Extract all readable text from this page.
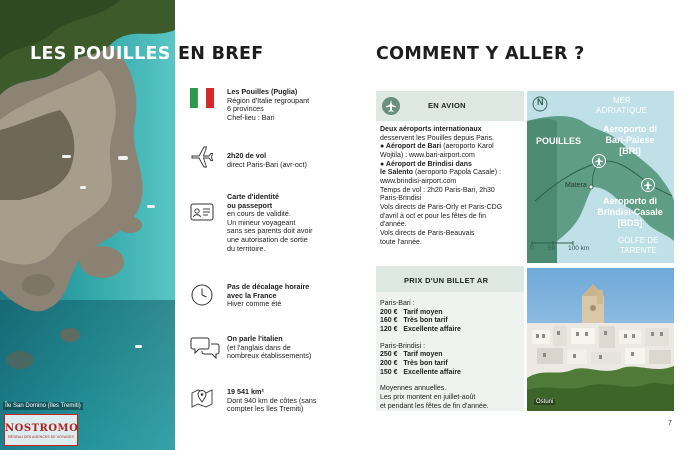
Île San Domino (îles Tremiti)
NOSTROMO
RÉSEAU DES AGENCES DE VOYAGES
LES POUILLES EN BREF	COMMENT Y ALLER ?
Les Pouilles (Puglia)
Région d'Italie regroupant
6 provinces
Chef-lieu : Bari
2h20 de vol
direct Paris-Bari (avr-oct)
Carte d'identité
ou passeport
en cours de validité.
Un mineur voyageant
sans ses parents doit avoir
une autorisation de sortie
du territoire.
Pas de décalage horaire
avec la France
Hiver comme été
On parle l'italien
(et l'anglais dans de
nombreux établissements)
19 541 km²
Dont 940 km de côtes (sans
compter les îles Tremiti)
EN AVION
Deux aéroports internationaux
desservent les Pouilles depuis Paris.
● Aéroport de Bari (aeroporto Karol
Wojtila) : www.bari-airport.com
● Aéroport de Brindisi dans
le Salento (aeroporto Papola Casale) :
www.brindisi-airport.com
Temps de vol : 2h20 Paris-Bari, 2h30
Paris-Brindisi
Vols directs de Paris-Orly et Paris-CDG
d'avril à oct et pour les fêtes de fin
d'année.
Vols directs de Paris-Beauvais
toute l'année.
PRIX D'UN BILLET AR
Paris-Bari :
200 €   Tarif moyen
160 €   Très bon tarif
120 €   Excellente affaire
Paris-Brindisi :
250 €   Tarif moyen
200 €   Très bon tarif
150 €   Excellente affaire
Moyennes annuelles.
Les prix montent en juillet-août
et pendant les fêtes de fin d'année.
N	MER
ADRIATIQUE
POUILLES
Aeroporto di
Bari-Palese
[BRI]
Aeroporto di
Brindisi-Casale
[BDS]
Matera
GOLFE DE
TARENTE
0 50 100 km
Ostuni
7
